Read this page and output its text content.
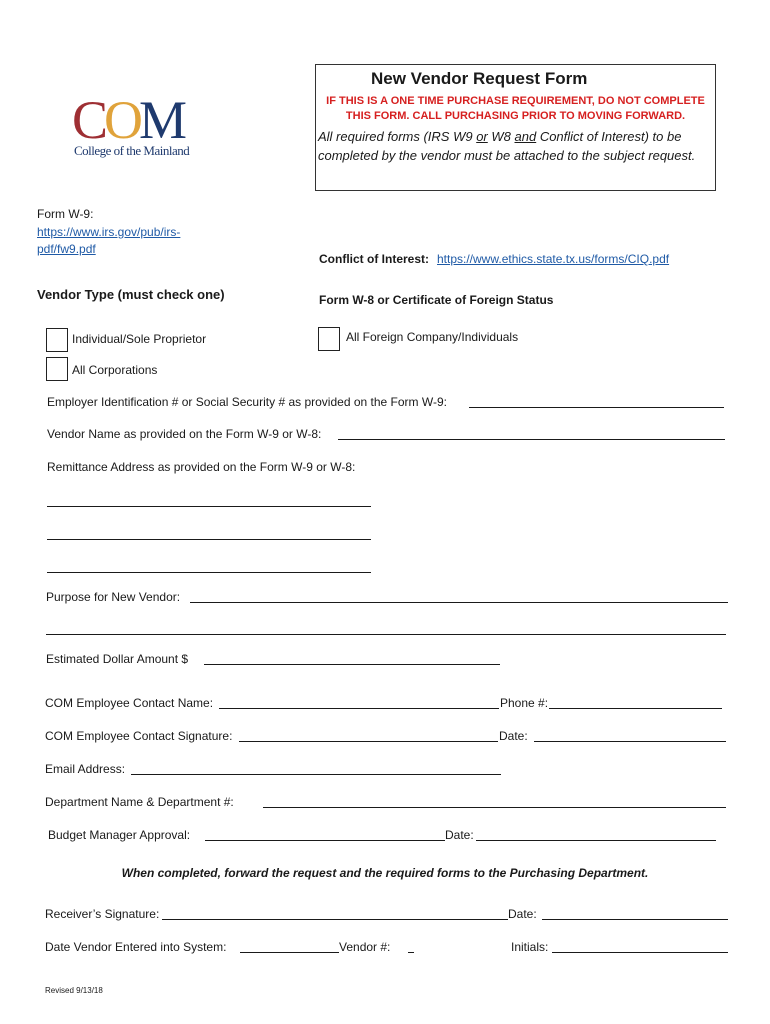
COM
College of the Mainland
New Vendor Request Form
IF THIS IS A ONE TIME PURCHASE REQUIREMENT, DO NOT COMPLETE
THIS FORM. CALL PURCHASING PRIOR TO MOVING FORWARD.
All required forms (IRS W9 or W8 and Conflict of Interest) to be completed by the vendor must be attached to the subject request.
Form W-9:
https://www.irs.gov/pub/irs-
pdf/fw9.pdf
Conflict of Interest: https://www.ethics.state.tx.us/forms/CIQ.pdf
Vendor Type (must check one)	Form W-8 or Certificate of Foreign Status
Individual/Sole Proprietor	All Foreign Company/Individuals
All Corporations
Employer Identification # or Social Security # as provided on the Form W-9:
Vendor Name as provided on the Form W-9 or W-8:
Remittance Address as provided on the Form W-9 or W-8:
Purpose for New Vendor:
Estimated Dollar Amount $
COM Employee Contact Name:	Phone #:
COM Employee Contact Signature:	Date:
Email Address:
Department Name & Department #:
Budget Manager Approval:	Date:
When completed, forward the request and the required forms to the Purchasing Department.
Receiver’s Signature:	Date:
Date Vendor Entered into System:	Vendor #:	Initials:
Revised 9/13/18
